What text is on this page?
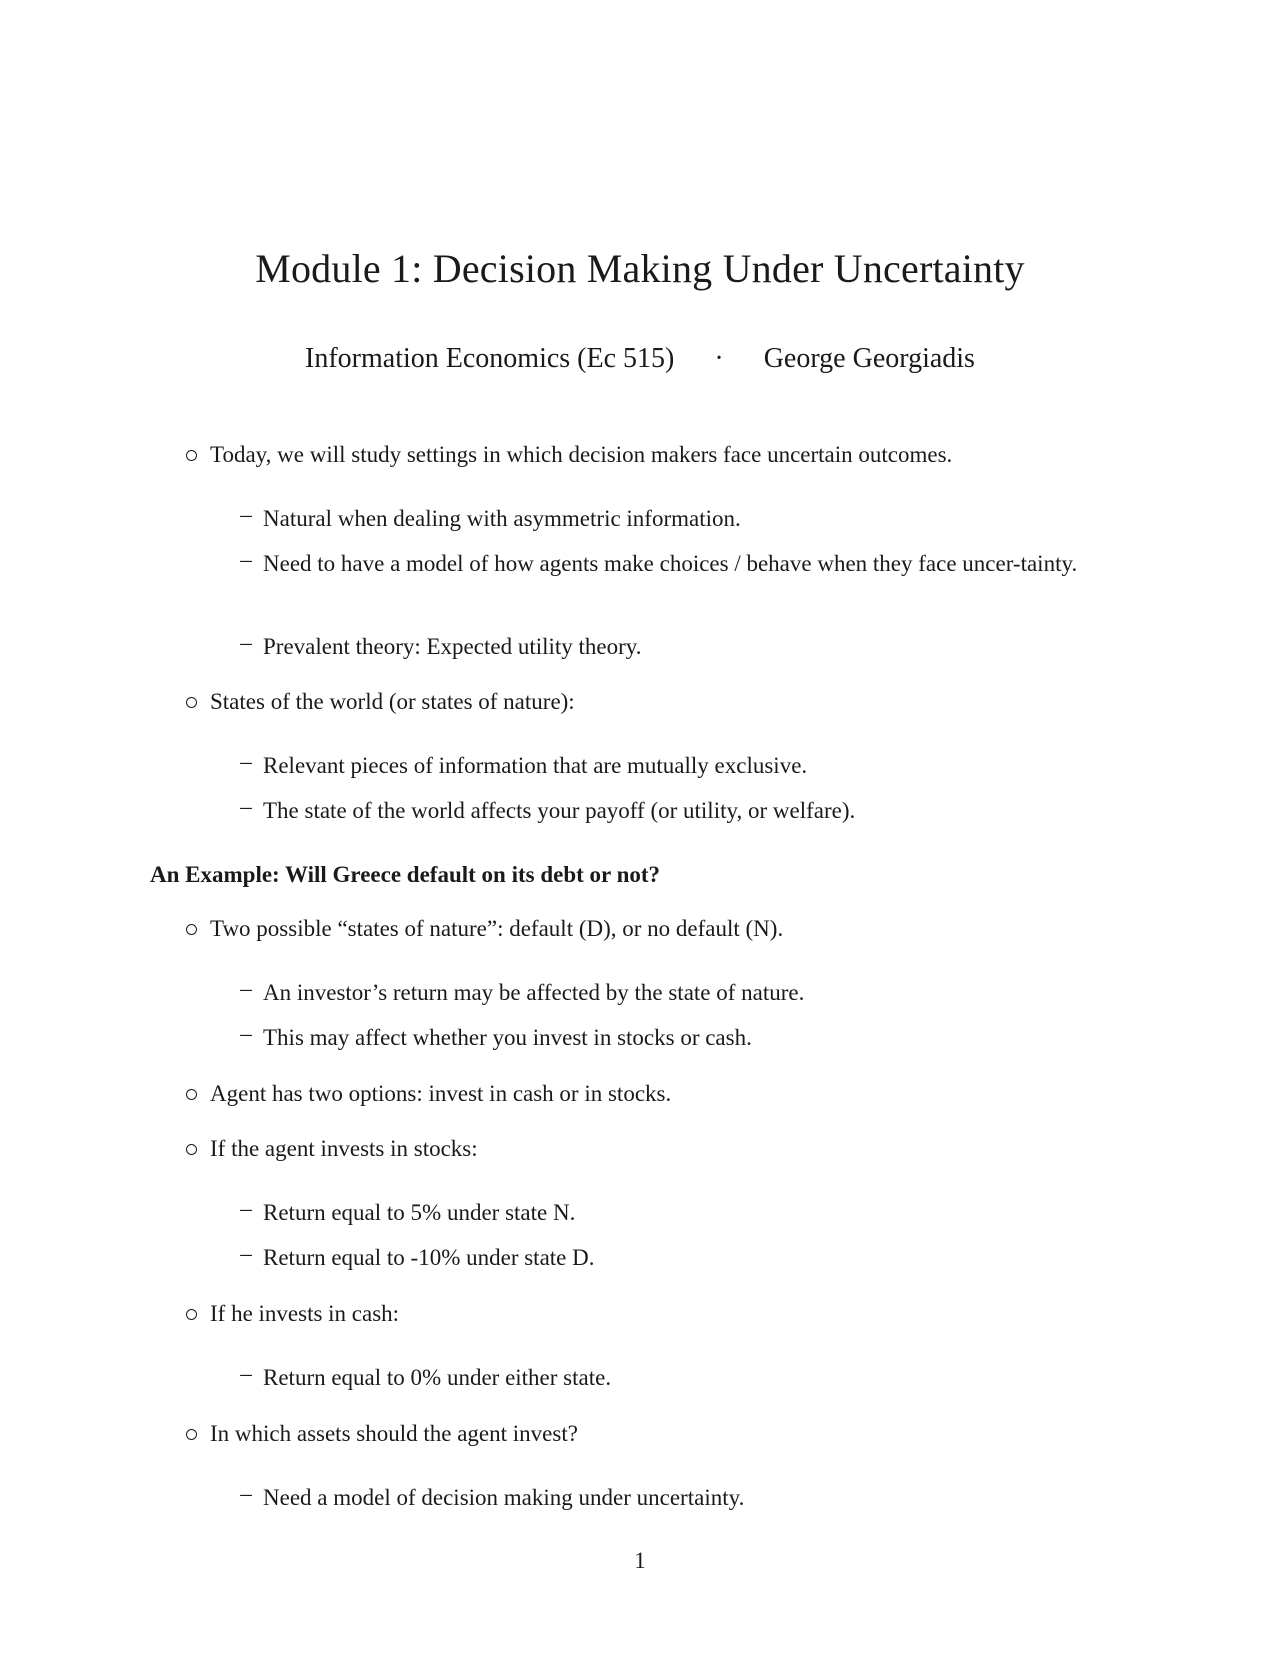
Module 1: Decision Making Under Uncertainty
Information Economics (Ec 515) · George Georgiadis
Today, we will study settings in which decision makers face uncertain outcomes.
– Natural when dealing with asymmetric information.
– Need to have a model of how agents make choices / behave when they face uncer-tainty.
– Prevalent theory: Expected utility theory.
States of the world (or states of nature):
– Relevant pieces of information that are mutually exclusive.
– The state of the world affects your payoff (or utility, or welfare).
An Example: Will Greece default on its debt or not?
Two possible “states of nature”: default (D), or no default (N).
– An investor’s return may be affected by the state of nature.
– This may affect whether you invest in stocks or cash.
Agent has two options: invest in cash or in stocks.
If the agent invests in stocks:
– Return equal to 5% under state N.
– Return equal to -10% under state D.
If he invests in cash:
– Return equal to 0% under either state.
In which assets should the agent invest?
– Need a model of decision making under uncertainty.
1
